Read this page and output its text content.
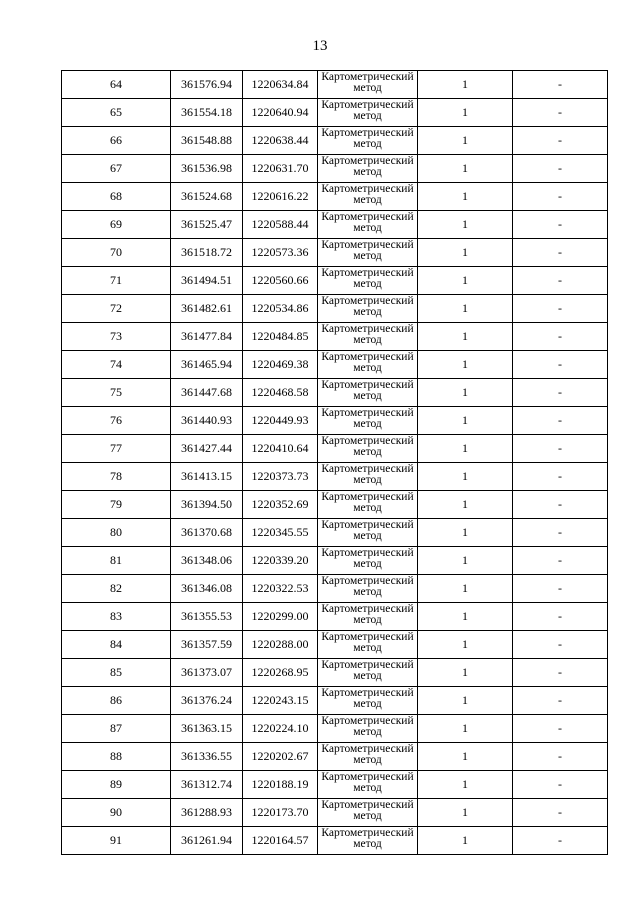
13
64	361576.94	1220634.84	Картометрический метод	1	-
65	361554.18	1220640.94	Картометрический метод	1	-
66	361548.88	1220638.44	Картометрический метод	1	-
67	361536.98	1220631.70	Картометрический метод	1	-
68	361524.68	1220616.22	Картометрический метод	1	-
69	361525.47	1220588.44	Картометрический метод	1	-
70	361518.72	1220573.36	Картометрический метод	1	-
71	361494.51	1220560.66	Картометрический метод	1	-
72	361482.61	1220534.86	Картометрический метод	1	-
73	361477.84	1220484.85	Картометрический метод	1	-
74	361465.94	1220469.38	Картометрический метод	1	-
75	361447.68	1220468.58	Картометрический метод	1	-
76	361440.93	1220449.93	Картометрический метод	1	-
77	361427.44	1220410.64	Картометрический метод	1	-
78	361413.15	1220373.73	Картометрический метод	1	-
79	361394.50	1220352.69	Картометрический метод	1	-
80	361370.68	1220345.55	Картометрический метод	1	-
81	361348.06	1220339.20	Картометрический метод	1	-
82	361346.08	1220322.53	Картометрический метод	1	-
83	361355.53	1220299.00	Картометрический метод	1	-
84	361357.59	1220288.00	Картометрический метод	1	-
85	361373.07	1220268.95	Картометрический метод	1	-
86	361376.24	1220243.15	Картометрический метод	1	-
87	361363.15	1220224.10	Картометрический метод	1	-
88	361336.55	1220202.67	Картометрический метод	1	-
89	361312.74	1220188.19	Картометрический метод	1	-
90	361288.93	1220173.70	Картометрический метод	1	-
91	361261.94	1220164.57	Картометрический метод	1	-
